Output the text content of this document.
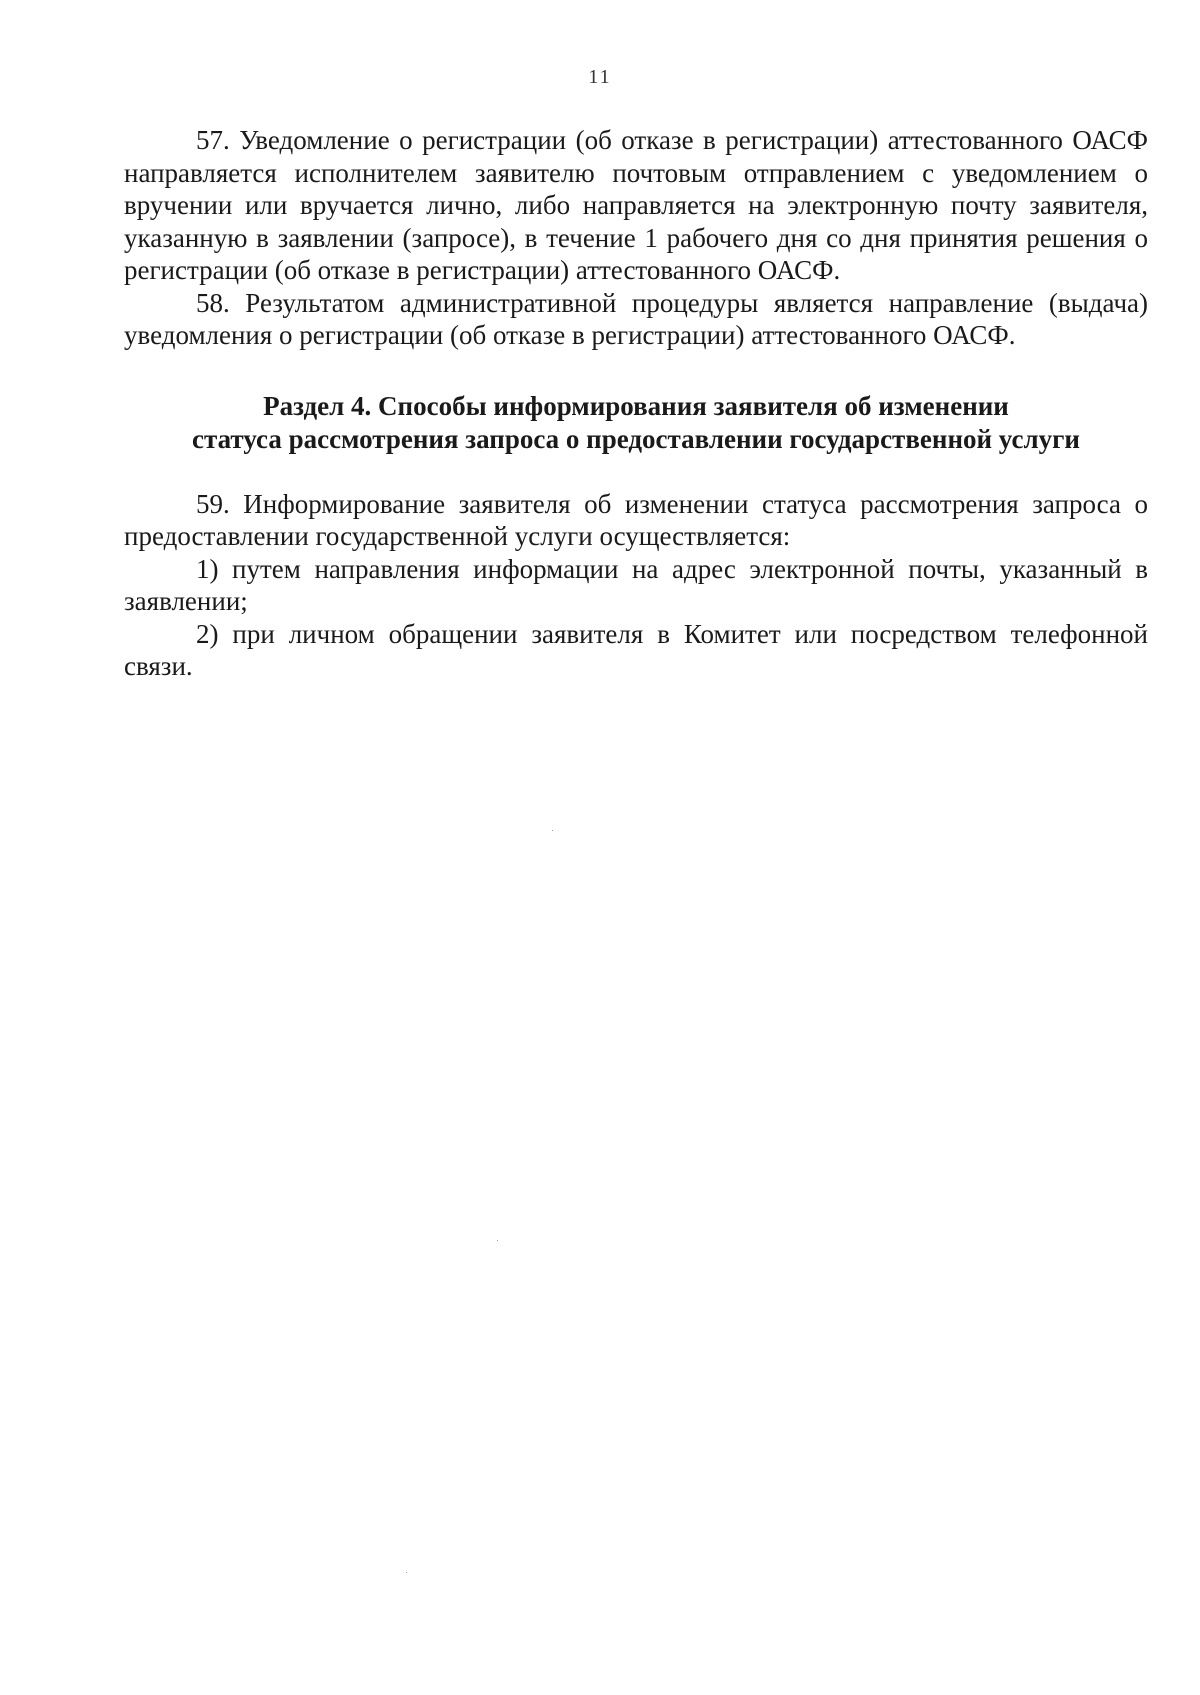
11

57. Уведомление о регистрации (об отказе в регистрации) аттестованного ОАСФ направляется исполнителем заявителю почтовым отправлением с уведомлением о вручении или вручается лично, либо направляется на электронную почту заявителя, указанную в заявлении (запросе), в течение 1 рабочего дня со дня принятия решения о регистрации (об отказе в регистрации) аттестованного ОАСФ.

58. Результатом административной процедуры является направление (выдача) уведомления о регистрации (об отказе в регистрации) аттестованного ОАСФ.

Раздел 4. Способы информирования заявителя об изменении
статуса рассмотрения запроса о предоставлении государственной услуги

59. Информирование заявителя об изменении статуса рассмотрения запроса о предоставлении государственной услуги осуществляется:

1) путем направления информации на адрес электронной почты, указанный в заявлении;

2) при личном обращении заявителя в Комитет или посредством телефонной связи.
